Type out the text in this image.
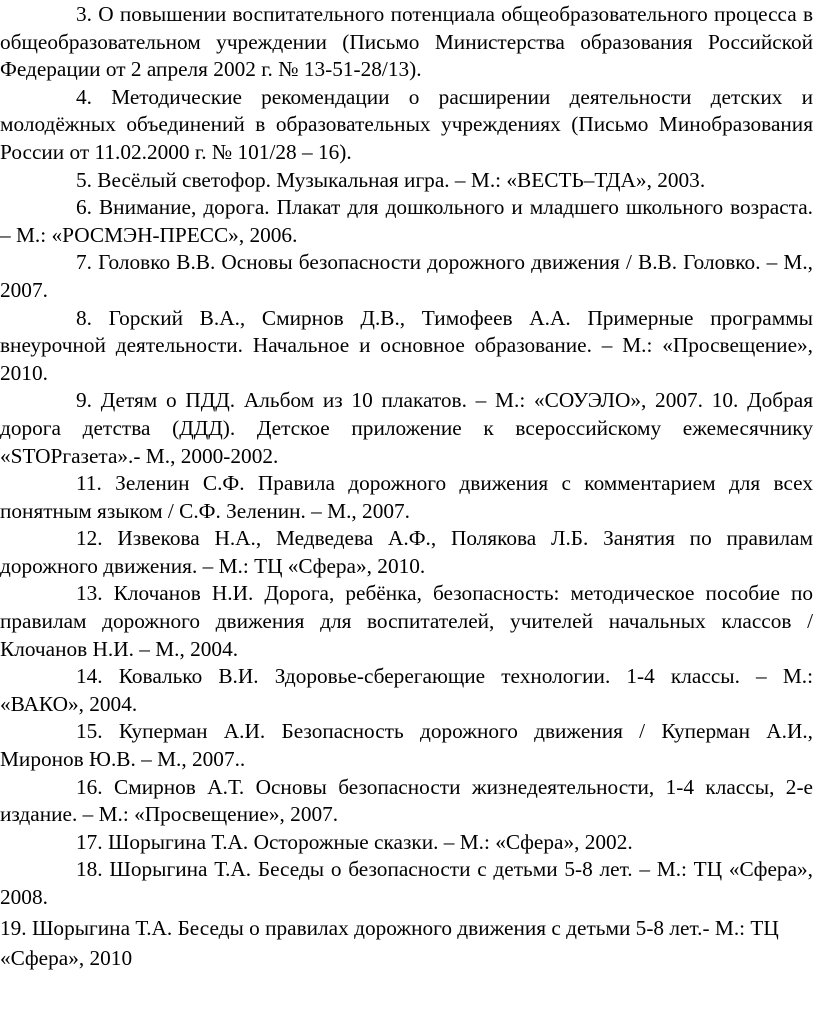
3. О повышении воспитательного потенциала общеобразовательного процесса в общеобразовательном учреждении (Письмо Министерства образования Российской Федерации от 2 апреля 2002 г. № 13-51-28/13).

4. Методические рекомендации о расширении деятельности детских и молодёжных объединений в образовательных учреждениях (Письмо Минобразования России от 11.02.2000 г. № 101/28 – 16).

5. Весёлый светофор. Музыкальная игра. – М.: «ВЕСТЬ–ТДА», 2003.

6. Внимание, дорога. Плакат для дошкольного и младшего школьного возраста. – М.: «РОСМЭН-ПРЕСС», 2006.

7. Головко В.В. Основы безопасности дорожного движения / В.В. Головко. – М., 2007.

8. Горский В.А., Смирнов Д.В., Тимофеев А.А. Примерные программы внеурочной деятельности. Начальное и основное образование. – М.: «Просвещение», 2010.

9. Детям о ПДД. Альбом из 10 плакатов. – М.: «СОУЭЛО», 2007. 10. Добрая дорога детства (ДДД). Детское приложение к всероссийскому ежемесячнику «STOPгазета».- М., 2000-2002.

11. Зеленин С.Ф. Правила дорожного движения с комментарием для всех понятным языком / С.Ф. Зеленин. – М., 2007.

12. Извекова Н.А., Медведева А.Ф., Полякова Л.Б. Занятия по правилам дорожного движения. – М.: ТЦ «Сфера», 2010.

13. Клочанов Н.И. Дорога, ребёнка, безопасность: методическое пособие по правилам дорожного движения для воспитателей, учителей начальных классов / Клочанов Н.И. – М., 2004.

14. Ковалько В.И. Здоровье-сберегающие технологии. 1-4 классы. – М.: «ВАКО», 2004.

15. Куперман А.И. Безопасность дорожного движения / Куперман А.И., Миронов Ю.В. – М., 2007..

16. Смирнов А.Т. Основы безопасности жизнедеятельности, 1-4 классы, 2-е издание. – М.: «Просвещение», 2007.

17. Шорыгина Т.А. Осторожные сказки. – М.: «Сфера», 2002.

18. Шорыгина Т.А. Беседы о безопасности с детьми 5-8 лет. – М.: ТЦ «Сфера», 2008.

19. Шорыгина Т.А. Беседы о правилах дорожного движения с детьми 5-8 лет.- М.: ТЦ «Сфера», 2010
